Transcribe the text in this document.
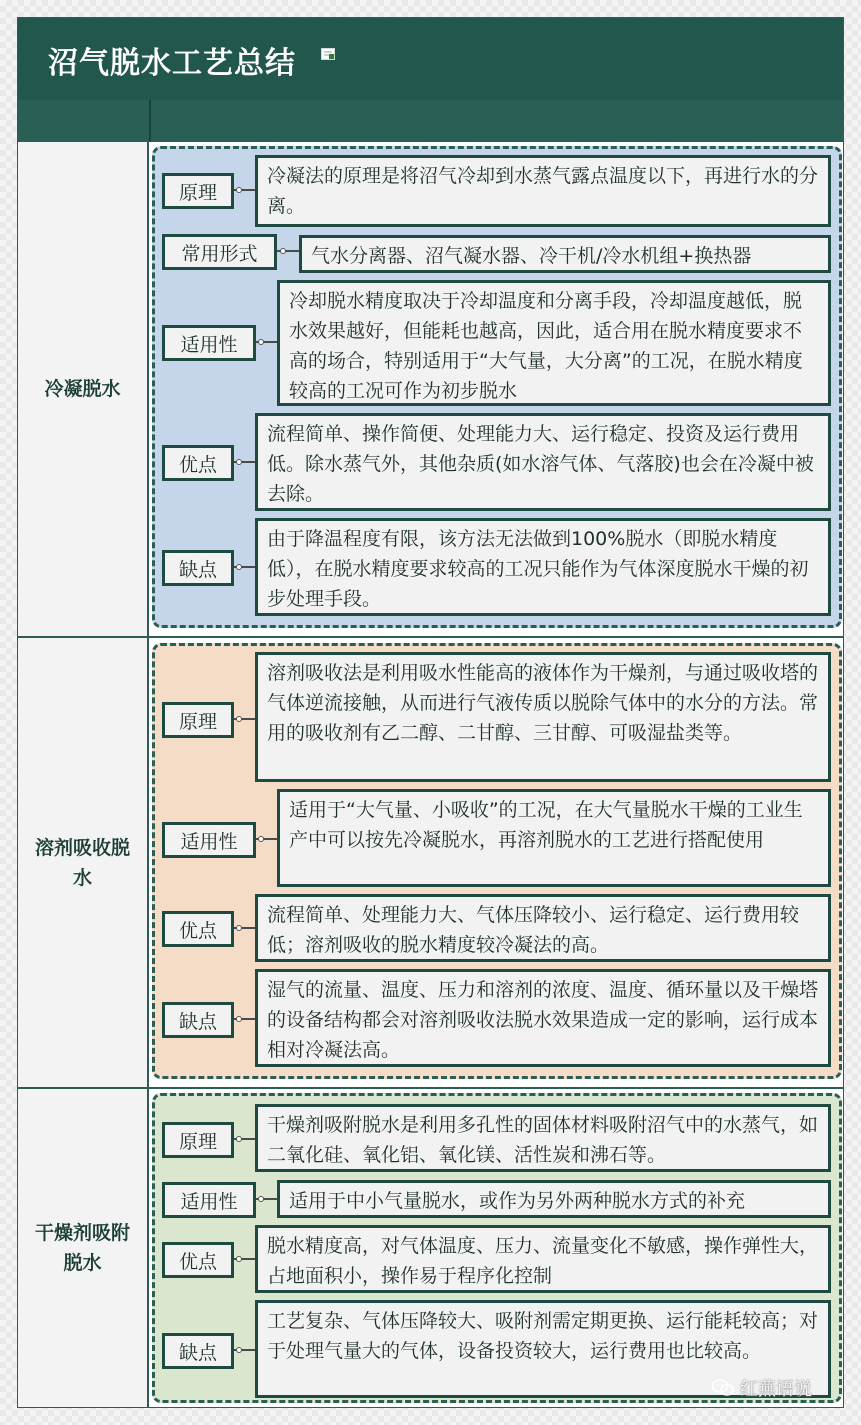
沼气脱水工艺总结
冷凝脱水
原理
冷凝法的原理是将沼气冷却到水蒸气露点温度以下，再进行水的分离。
常用形式	气水分离器、沼气凝水器、冷干机/冷水机组+换热器
适用性
冷却脱水精度取决于冷却温度和分离手段，冷却温度越低，脱水效果越好，但能耗也越高，因此，适合用在脱水精度要求不高的场合，特别适用于“大气量，大分离”的工况，在脱水精度较高的工况可作为初步脱水
优点
流程简单、操作简便、处理能力大、运行稳定、投资及运行费用低。除水蒸气外，其他杂质(如水溶气体、气落胶)也会在冷凝中被去除。
缺点
由于降温程度有限，该方法无法做到100%脱水（即脱水精度低），在脱水精度要求较高的工况只能作为气体深度脱水干燥的初步处理手段。
溶剂吸收脱水
原理
溶剂吸收法是利用吸水性能高的液体作为干燥剂，与通过吸收塔的气体逆流接触，从而进行气液传质以脱除气体中的水分的方法。常用的吸收剂有乙二醇、二甘醇、三甘醇、可吸湿盐类等。
适用性
适用于“大气量、小吸收”的工况，在大气量脱水干燥的工业生产中可以按先冷凝脱水，再溶剂脱水的工艺进行搭配使用
优点
流程简单、处理能力大、气体压降较小、运行稳定、运行费用较低；溶剂吸收的脱水精度较冷凝法的高。
缺点
湿气的流量、温度、压力和溶剂的浓度、温度、循环量以及干燥塔的设备结构都会对溶剂吸收法脱水效果造成一定的影响，运行成本相对冷凝法高。
干燥剂吸附脱水
原理
干燥剂吸附脱水是利用多孔性的固体材料吸附沼气中的水蒸气，如二氧化硅、氧化铝、氧化镁、活性炭和沸石等。
适用性	适用于中小气量脱水，或作为另外两种脱水方式的补充
优点
脱水精度高，对气体温度、压力、流量变化不敏感，操作弹性大，占地面积小，操作易于程序化控制
缺点
工艺复杂、气体压降较大、吸附剂需定期更换、运行能耗较高；对于处理气量大的气体，设备投资较大，运行费用也比较高。
红燕语说
